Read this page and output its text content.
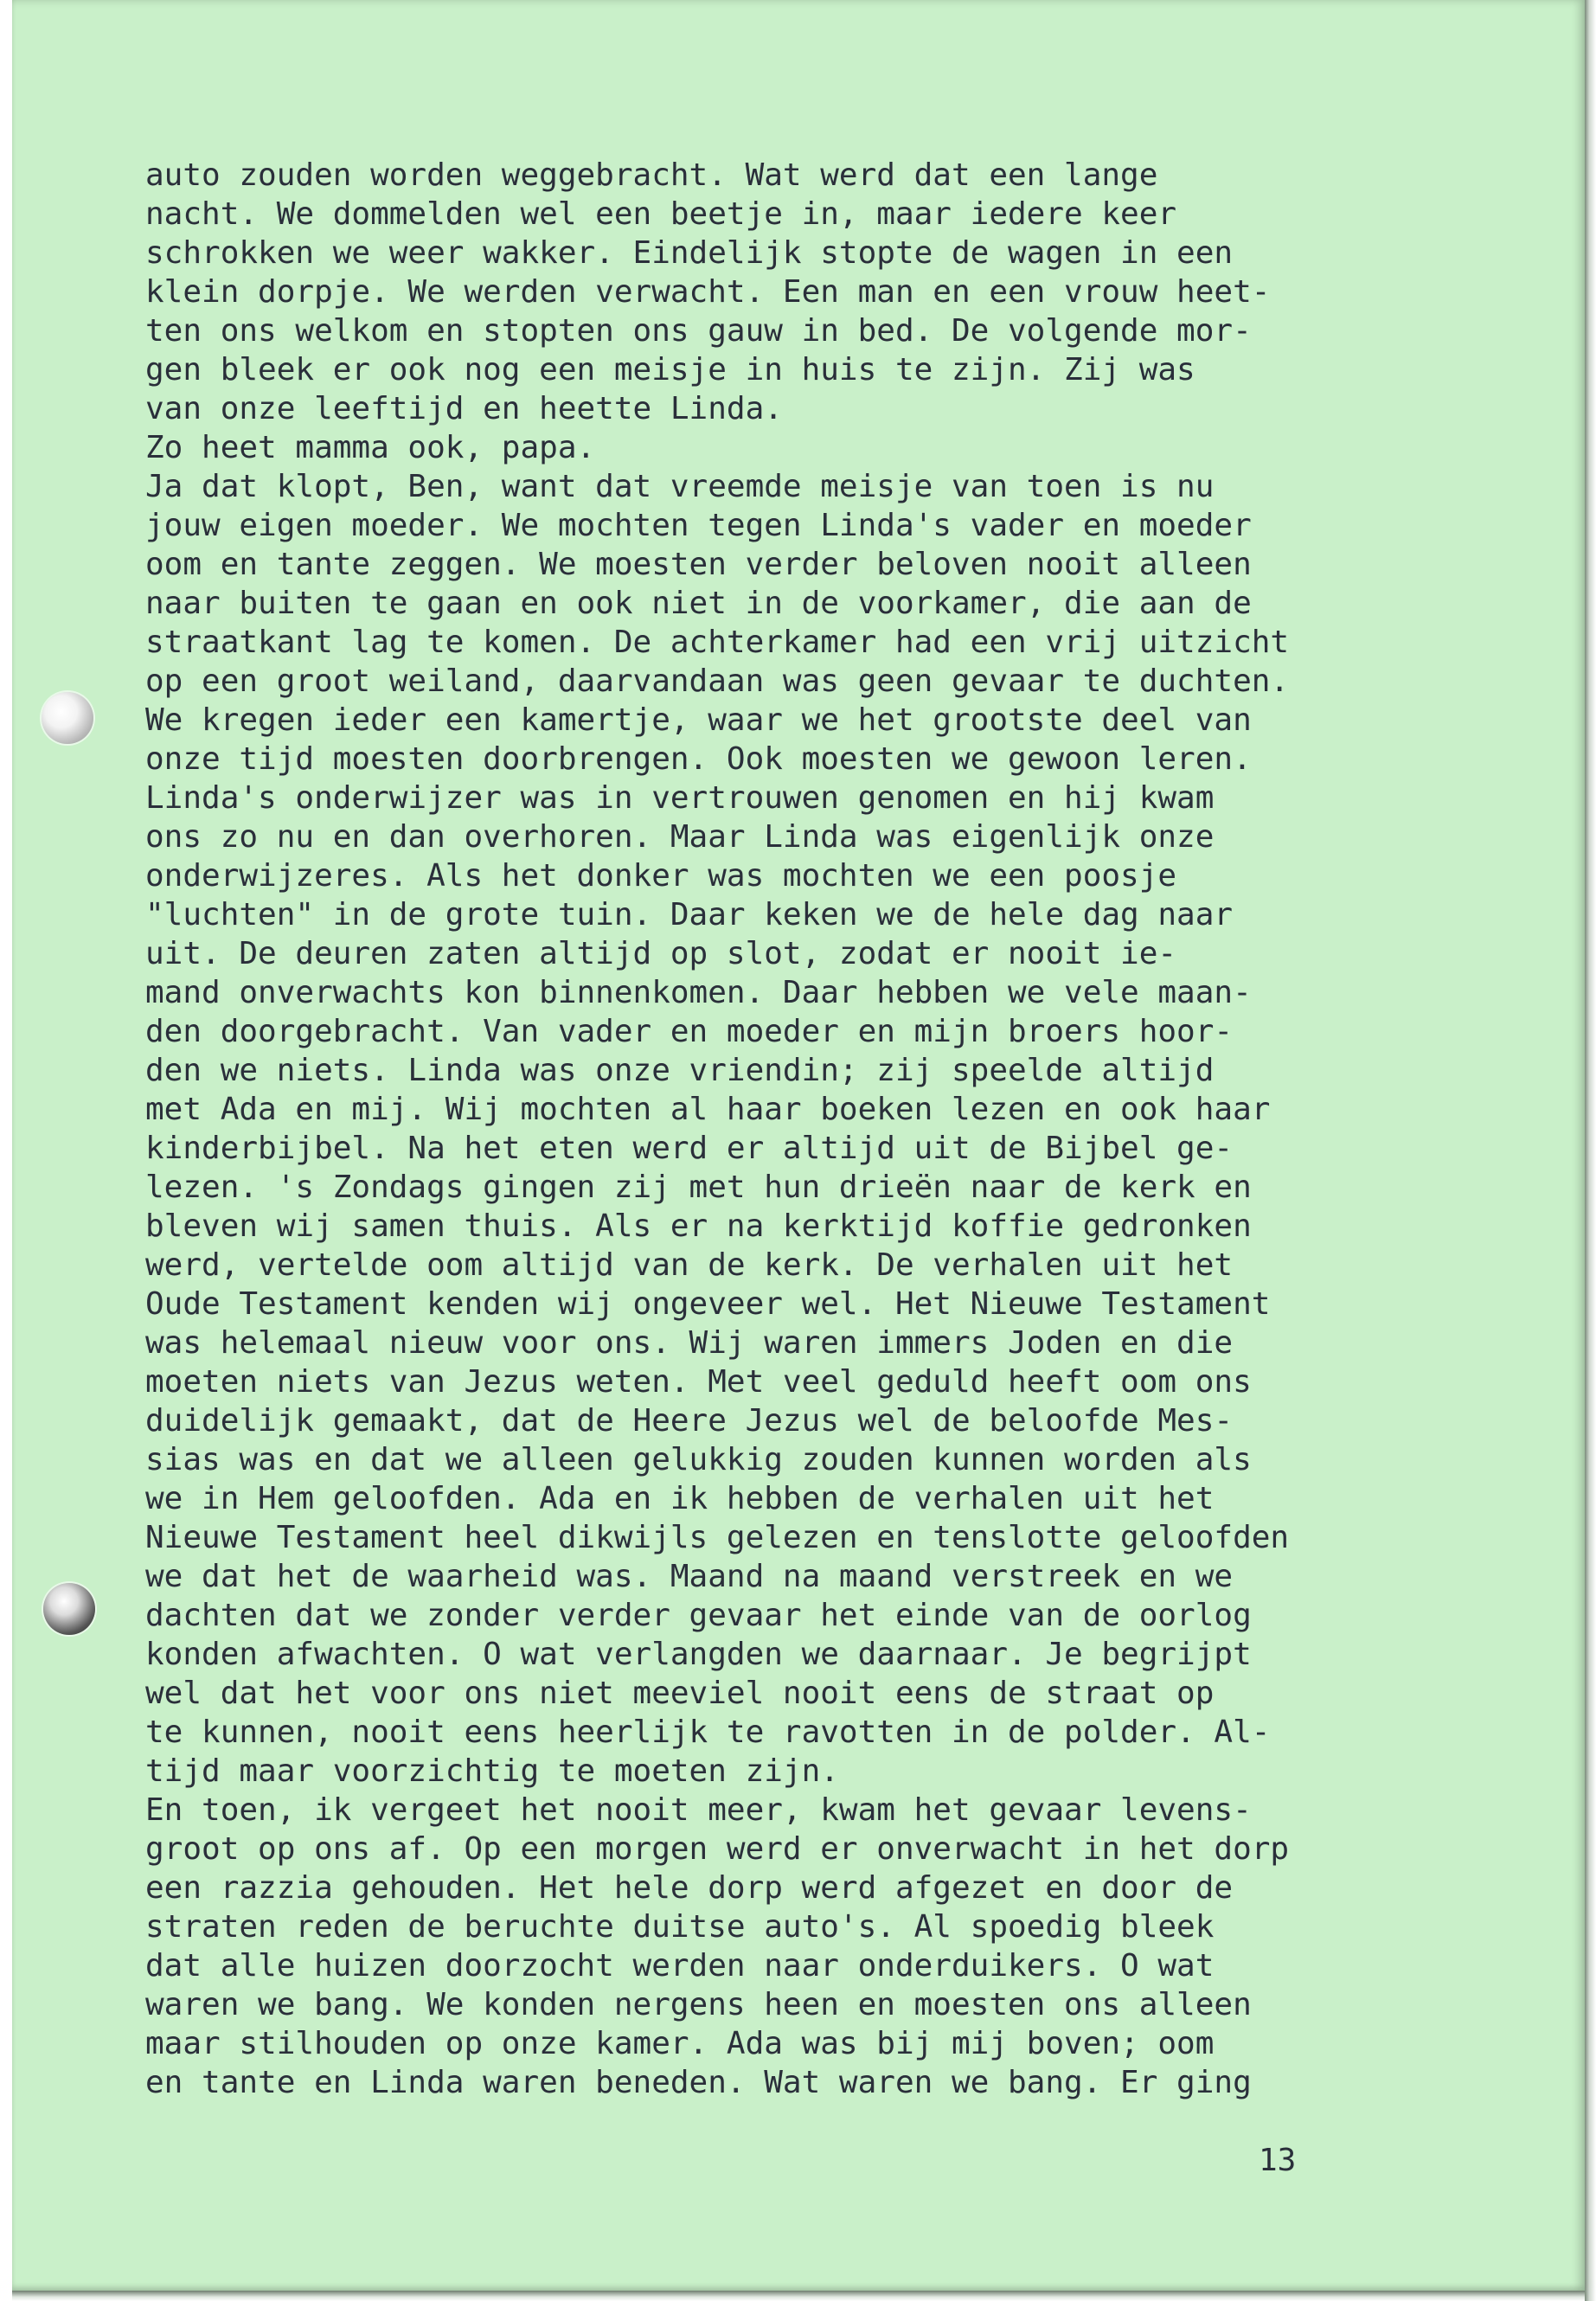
auto zouden worden weggebracht. Wat werd dat een lange
nacht. We dommelden wel een beetje in, maar iedere keer
schrokken we weer wakker. Eindelijk stopte de wagen in een
klein dorpje. We werden verwacht. Een man en een vrouw heet-
ten ons welkom en stopten ons gauw in bed. De volgende mor-
gen bleek er ook nog een meisje in huis te zijn. Zij was
van onze leeftijd en heette Linda.
Zo heet mamma ook, papa.
Ja dat klopt, Ben, want dat vreemde meisje van toen is nu
jouw eigen moeder. We mochten tegen Linda's vader en moeder
oom en tante zeggen. We moesten verder beloven nooit alleen
naar buiten te gaan en ook niet in de voorkamer, die aan de
straatkant lag te komen. De achterkamer had een vrij uitzicht
op een groot weiland, daarvandaan was geen gevaar te duchten.
We kregen ieder een kamertje, waar we het grootste deel van
onze tijd moesten doorbrengen. Ook moesten we gewoon leren.
Linda's onderwijzer was in vertrouwen genomen en hij kwam
ons zo nu en dan overhoren. Maar Linda was eigenlijk onze
onderwijzeres. Als het donker was mochten we een poosje
"luchten" in de grote tuin. Daar keken we de hele dag naar
uit. De deuren zaten altijd op slot, zodat er nooit ie-
mand onverwachts kon binnenkomen. Daar hebben we vele maan-
den doorgebracht. Van vader en moeder en mijn broers hoor-
den we niets. Linda was onze vriendin; zij speelde altijd
met Ada en mij. Wij mochten al haar boeken lezen en ook haar
kinderbijbel. Na het eten werd er altijd uit de Bijbel ge-
lezen. 's Zondags gingen zij met hun drieën naar de kerk en
bleven wij samen thuis. Als er na kerktijd koffie gedronken
werd, vertelde oom altijd van de kerk. De verhalen uit het
Oude Testament kenden wij ongeveer wel. Het Nieuwe Testament
was helemaal nieuw voor ons. Wij waren immers Joden en die
moeten niets van Jezus weten. Met veel geduld heeft oom ons
duidelijk gemaakt, dat de Heere Jezus wel de beloofde Mes-
sias was en dat we alleen gelukkig zouden kunnen worden als
we in Hem geloofden. Ada en ik hebben de verhalen uit het
Nieuwe Testament heel dikwijls gelezen en tenslotte geloofden
we dat het de waarheid was. Maand na maand verstreek en we
dachten dat we zonder verder gevaar het einde van de oorlog
konden afwachten. O wat verlangden we daarnaar. Je begrijpt
wel dat het voor ons niet meeviel nooit eens de straat op
te kunnen, nooit eens heerlijk te ravotten in de polder. Al-
tijd maar voorzichtig te moeten zijn.
En toen, ik vergeet het nooit meer, kwam het gevaar levens-
groot op ons af. Op een morgen werd er onverwacht in het dorp
een razzia gehouden. Het hele dorp werd afgezet en door de
straten reden de beruchte duitse auto's. Al spoedig bleek
dat alle huizen doorzocht werden naar onderduikers. O wat
waren we bang. We konden nergens heen en moesten ons alleen
maar stilhouden op onze kamer. Ada was bij mij boven; oom
en tante en Linda waren beneden. Wat waren we bang. Er ging
13
